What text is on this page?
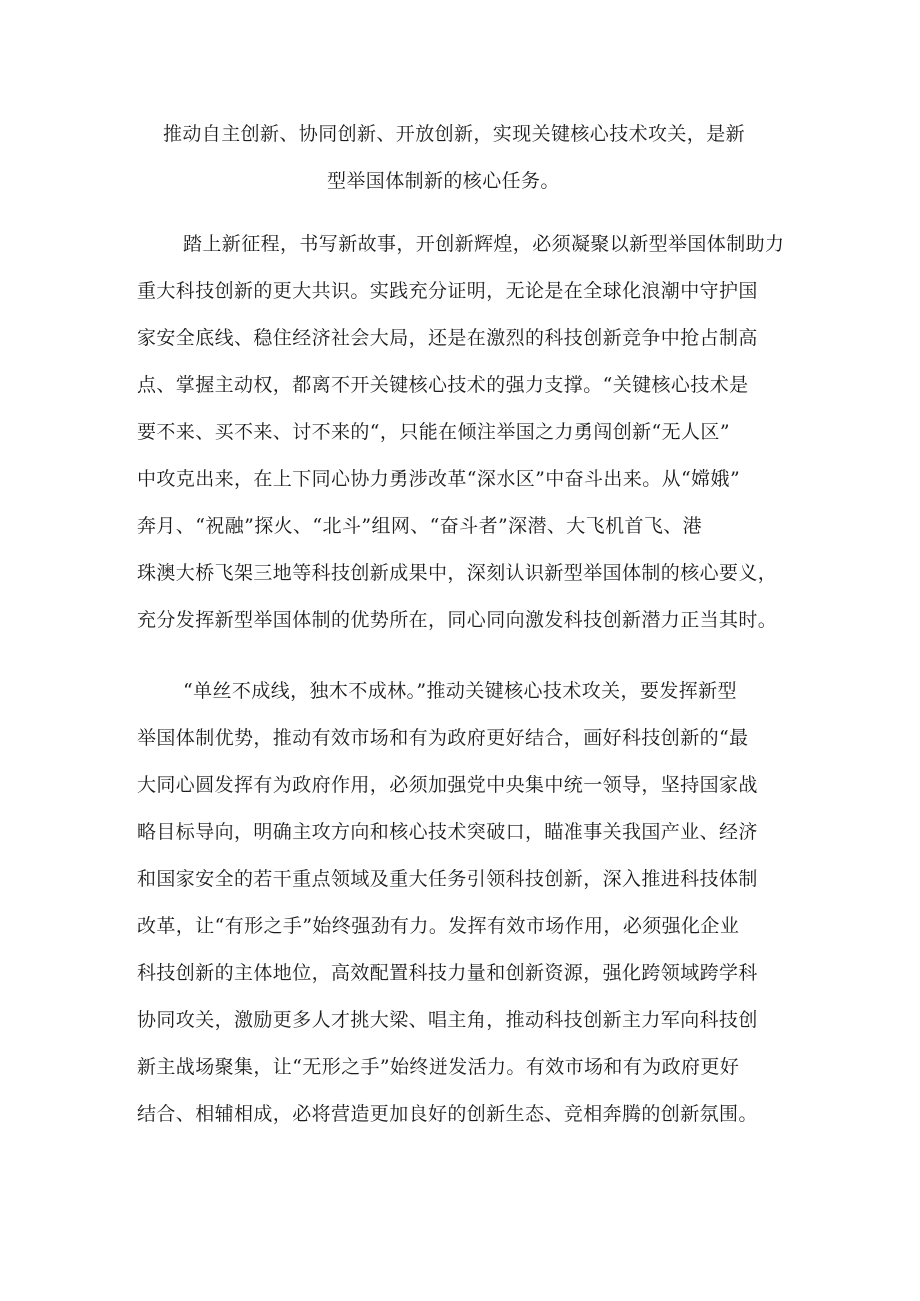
推动自主创新、协同创新、开放创新，实现关键核心技术攻关，是新
型举国体制新的核心任务。
踏上新征程，书写新故事，开创新辉煌，必须凝聚以新型举国体制助力
重大科技创新的更大共识。实践充分证明，无论是在全球化浪潮中守护国
家安全底线、稳住经济社会大局，还是在激烈的科技创新竞争中抢占制高
点、掌握主动权，都离不开关键核心技术的强力支撑。“关键核心技术是
要不来、买不来、讨不来的“，只能在倾注举国之力勇闯创新“无人区”
中攻克出来，在上下同心协力勇涉改革“深水区”中奋斗出来。从“嫦娥”
奔月、“祝融”探火、“北斗”组网、“奋斗者”深潜、大飞机首飞、港
珠澳大桥飞架三地等科技创新成果中，深刻认识新型举国体制的核心要义，
充分发挥新型举国体制的优势所在，同心同向激发科技创新潜力正当其时。
“单丝不成线，独木不成林。”推动关键核心技术攻关，要发挥新型
举国体制优势，推动有效市场和有为政府更好结合，画好科技创新的“最
大同心圆发挥有为政府作用，必须加强党中央集中统一领导，坚持国家战
略目标导向，明确主攻方向和核心技术突破口，瞄准事关我国产业、经济
和国家安全的若干重点领域及重大任务引领科技创新，深入推进科技体制
改革，让“有形之手”始终强劲有力。发挥有效市场作用，必须强化企业
科技创新的主体地位，高效配置科技力量和创新资源，强化跨领域跨学科
协同攻关，激励更多人才挑大梁、唱主角，推动科技创新主力军向科技创
新主战场聚集，让“无形之手”始终迸发活力。有效市场和有为政府更好
结合、相辅相成，必将营造更加良好的创新生态、竞相奔腾的创新氛围。
